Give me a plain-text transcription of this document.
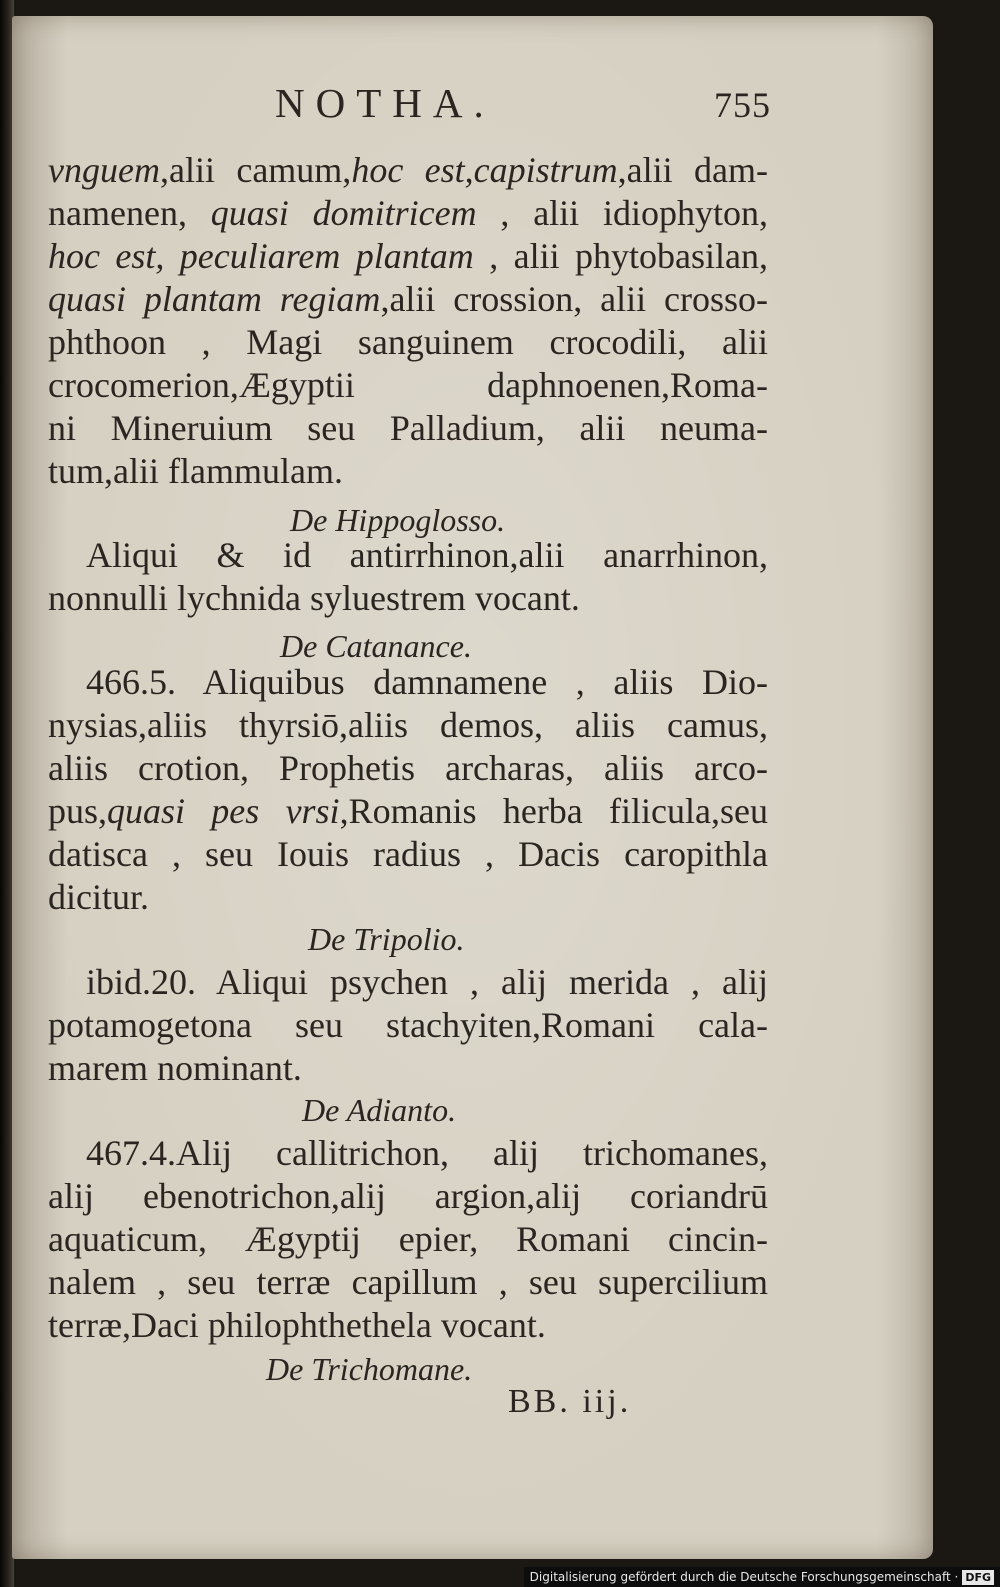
NOTHA.	755
BB. iij.
vnguem,alii camum,hoc est,capistrum,alii dam-
namenen, quasi domitricem , alii idiophyton,
hoc est, peculiarem plantam , alii phytobasilan,
quasi plantam regiam,alii crossion, alii crosso-
phthoon , Magi sanguinem crocodili, alii
crocomerion,Ægyptii daphnoenen,Roma-
ni Mineruium seu Palladium, alii neuma-
tum,alii flammulam.
De Hippoglosso.
Aliqui & id antirrhinon,alii anarrhinon,
nonnulli lychnida syluestrem vocant.
De Catanance.
466.5. Aliquibus damnamene , aliis Dio-
nysias,aliis thyrsiō,aliis demos, aliis camus,
aliis crotion, Prophetis archaras, aliis arco-
pus,quasi pes vrsi,Romanis herba filicula,seu
datisca , seu Iouis radius , Dacis caropithla
dicitur.
De Tripolio.
ibid.20. Aliqui psychen , alij merida , alij
potamogetona seu stachyiten,Romani cala-
marem nominant.
De Adianto.
467.4.Alij callitrichon, alij trichomanes,
alij ebenotrichon,alij argion,alij coriandrū
aquaticum, Ægyptij epier, Romani cincin-
nalem , seu terræ capillum , seu supercilium
terræ,Daci philophthethela vocant.
De Trichomane.
Digitalisierung gefördert durch die Deutsche Forschungsgemeinschaft · DFG
